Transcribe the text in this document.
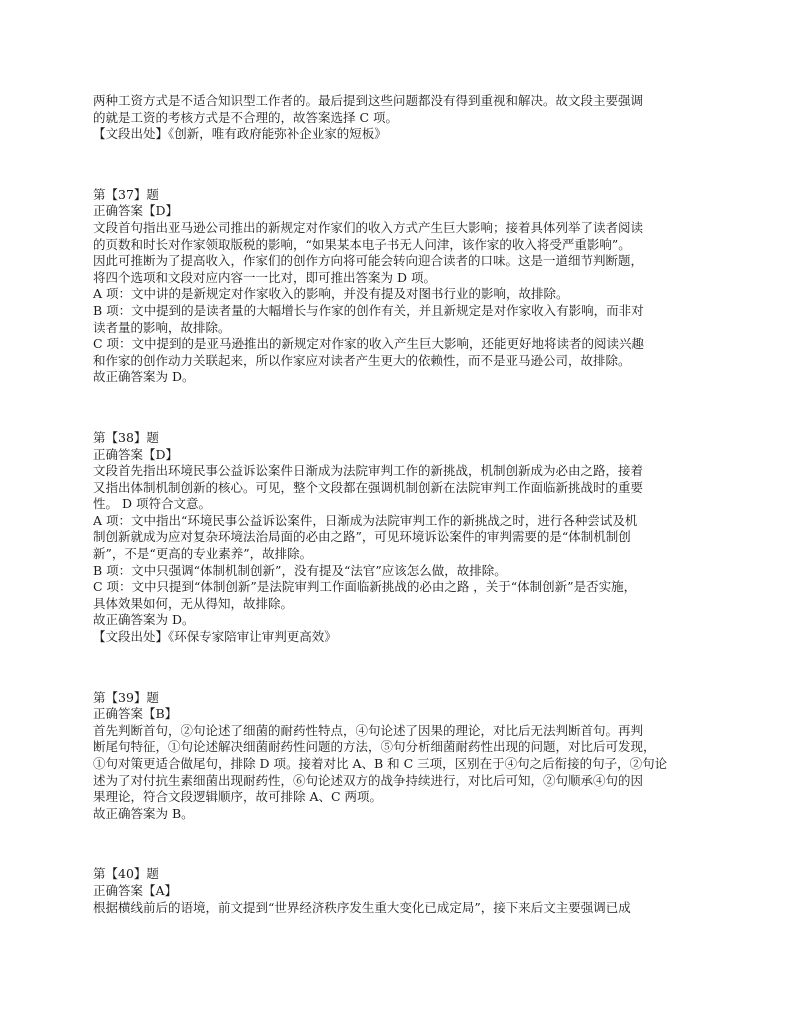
两种工资方式是不适合知识型工作者的。最后提到这些问题都没有得到重视和解决。故文段主要强调
的就是工资的考核方式是不合理的，故答案选择 C 项。
【文段出处】《创新，唯有政府能弥补企业家的短板》
第【37】题
正确答案【D】
文段首句指出亚马逊公司推出的新规定对作家们的收入方式产生巨大影响；接着具体列举了读者阅读
的页数和时长对作家领取版税的影响，“如果某本电子书无人问津，该作家的收入将受严重影响”。
因此可推断为了提高收入，作家们的创作方向将可能会转向迎合读者的口味。这是一道细节判断题，
将四个选项和文段对应内容一一比对，即可推出答案为 D 项。
A 项：文中讲的是新规定对作家收入的影响，并没有提及对图书行业的影响，故排除。
B 项：文中提到的是读者量的大幅增长与作家的创作有关，并且新规定是对作家收入有影响，而非对
读者量的影响，故排除。
C 项：文中提到的是亚马逊推出的新规定对作家的收入产生巨大影响，还能更好地将读者的阅读兴趣
和作家的创作动力关联起来，所以作家应对读者产生更大的依赖性，而不是亚马逊公司，故排除。
故正确答案为 D。
第【38】题
正确答案【D】
文段首先指出环境民事公益诉讼案件日渐成为法院审判工作的新挑战，机制创新成为必由之路，接着
又指出体制机制创新的核心。可见，整个文段都在强调机制创新在法院审判工作面临新挑战时的重要
性。 D 项符合文意。
A 项：文中指出“环境民事公益诉讼案件，日渐成为法院审判工作的新挑战之时，进行各种尝试及机
制创新就成为应对复杂环境法治局面的必由之路”，可见环境诉讼案件的审判需要的是“体制机制创
新”，不是“更高的专业素养”，故排除。
B 项：文中只强调“体制机制创新”，没有提及“法官”应该怎么做，故排除。
C 项：文中只提到“体制创新”是法院审判工作面临新挑战的必由之路 ，关于“体制创新”是否实施，
具体效果如何，无从得知，故排除。
故正确答案为 D。
【文段出处】《环保专家陪审让审判更高效》
第【39】题
正确答案【B】
首先判断首句，②句论述了细菌的耐药性特点，④句论述了因果的理论，对比后无法判断首句。再判
断尾句特征，①句论述解决细菌耐药性问题的方法，⑤句分析细菌耐药性出现的问题，对比后可发现，
①句对策更适合做尾句，排除 D 项。接着对比 A、B 和 C 三项，区别在于④句之后衔接的句子，②句论
述为了对付抗生素细菌出现耐药性，⑥句论述双方的战争持续进行，对比后可知，②句顺承④句的因
果理论，符合文段逻辑顺序，故可排除 A、C 两项。
故正确答案为 B。
第【40】题
正确答案【A】
根据横线前后的语境，前文提到“世界经济秩序发生重大变化已成定局”，接下来后文主要强调已成
